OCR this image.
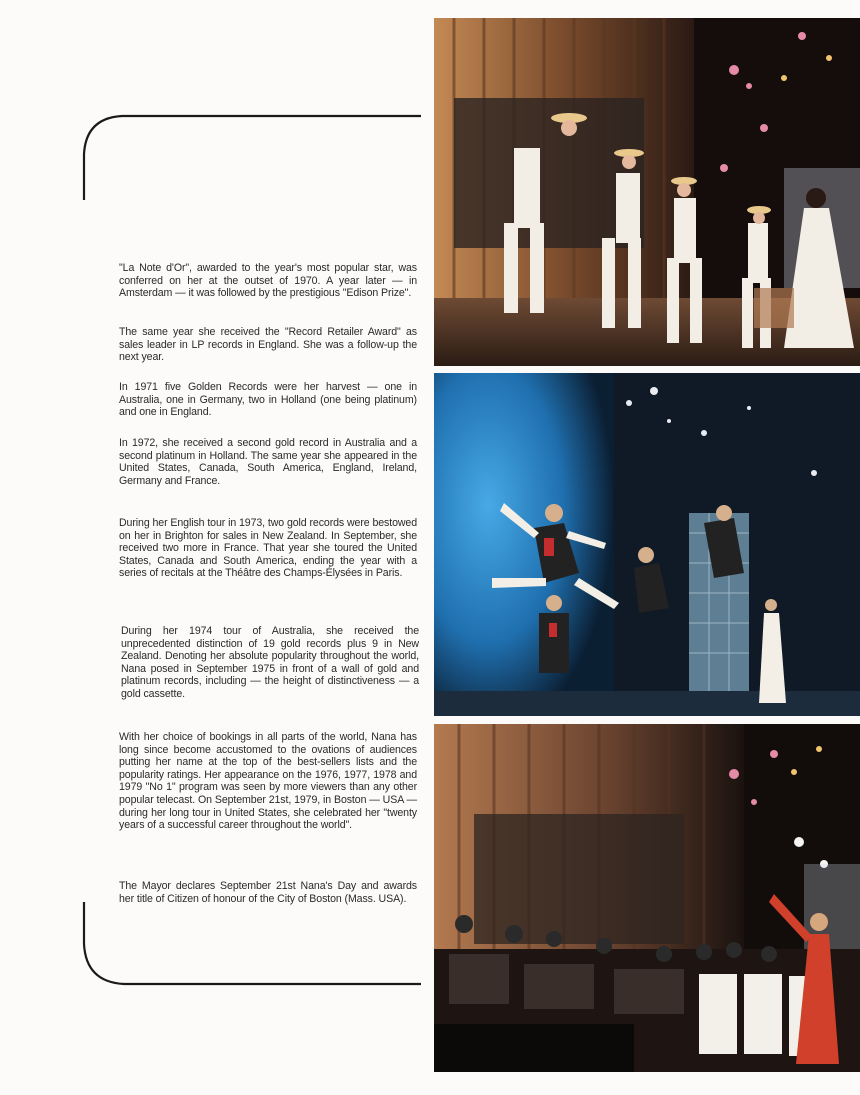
"La Note d'Or", awarded to the year's most popular star, was conferred on her at the outset of 1970. A year later — in Amsterdam — it was followed by the prestigious "Edison Prize".

The same year she received the "Record Retailer Award" as sales leader in LP records in England. She was a follow-up the next year.

In 1971 five Golden Records were her harvest — one in Australia, one in Germany, two in Holland (one being platinum) and one in England.

In 1972, she received a second gold record in Australia and a second platinum in Holland. The same year she appeared in the United States, Canada, South America, England, Ireland, Germany and France.

During her English tour in 1973, two gold records were bestowed on her in Brighton for sales in New Zealand. In September, she received two more in France. That year she toured the United States, Canada and South America, ending the year with a series of recitals at the Théâtre des Champs-Élysées in Paris.

During her 1974 tour of Australia, she received the unprecedented distinction of 19 gold records plus 9 in New Zealand. Denoting her absolute popularity throughout the world, Nana posed in September 1975 in front of a wall of gold and platinum records, including — the height of distinctiveness — a gold cassette.

With her choice of bookings in all parts of the world, Nana has long since become accustomed to the ovations of audiences putting her name at the top of the best-sellers lists and the popularity ratings. Her appearance on the 1976, 1977, 1978 and 1979 "No 1" program was seen by more viewers than any other popular telecast. On September 21st, 1979, in Boston — USA — during her long tour in United States, she celebrated her "twenty years of a successful career throughout the world".

The Mayor declares September 21st Nana's Day and awards her title of Citizen of honour of the City of Boston (Mass. USA).
